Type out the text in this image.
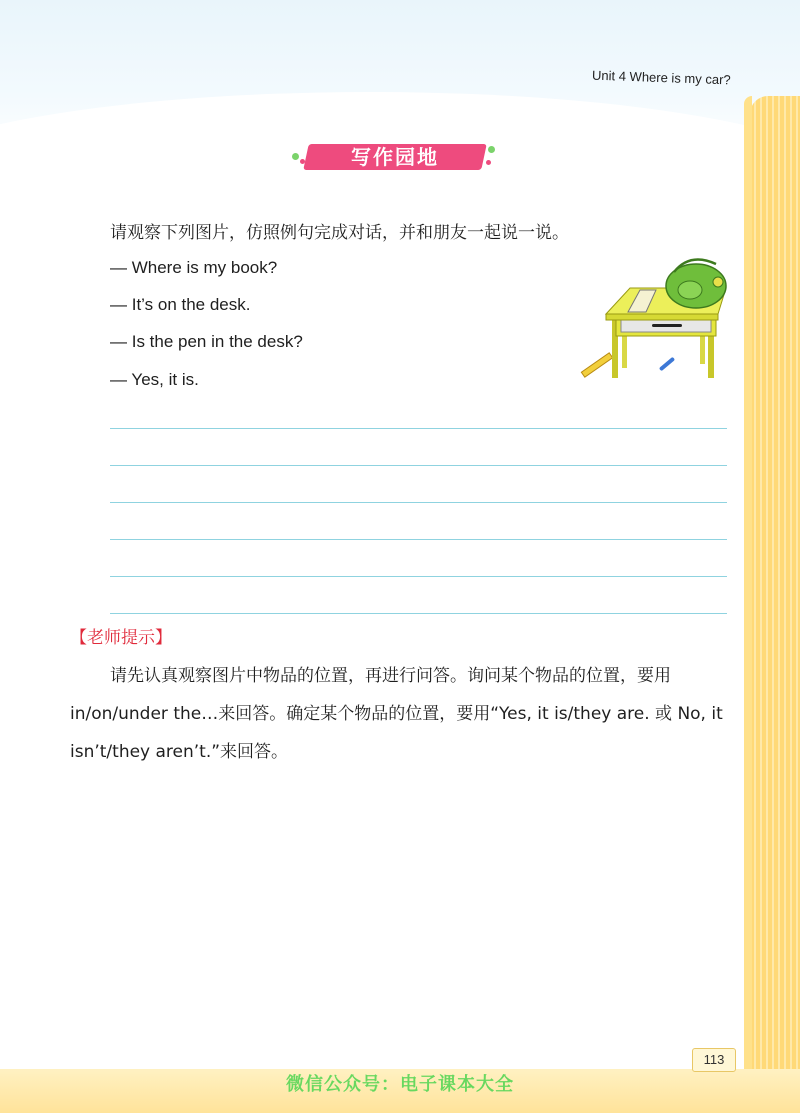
Unit 4 Where is my car?
写作园地
请观察下列图片，仿照例句完成对话，并和朋友一起说一说。
— Where is my book?
— It’s on the desk.
— Is the pen in the desk?
— Yes, it is.
【老师提示】
请先认真观察图片中物品的位置，再进行问答。询问某个物品的位置，要用 in/on/under the…来回答。确定某个物品的位置，要用“Yes, it is/they are. 或 No, it isn’t/they aren’t.”来回答。
113
微信公众号：电子课本大全
